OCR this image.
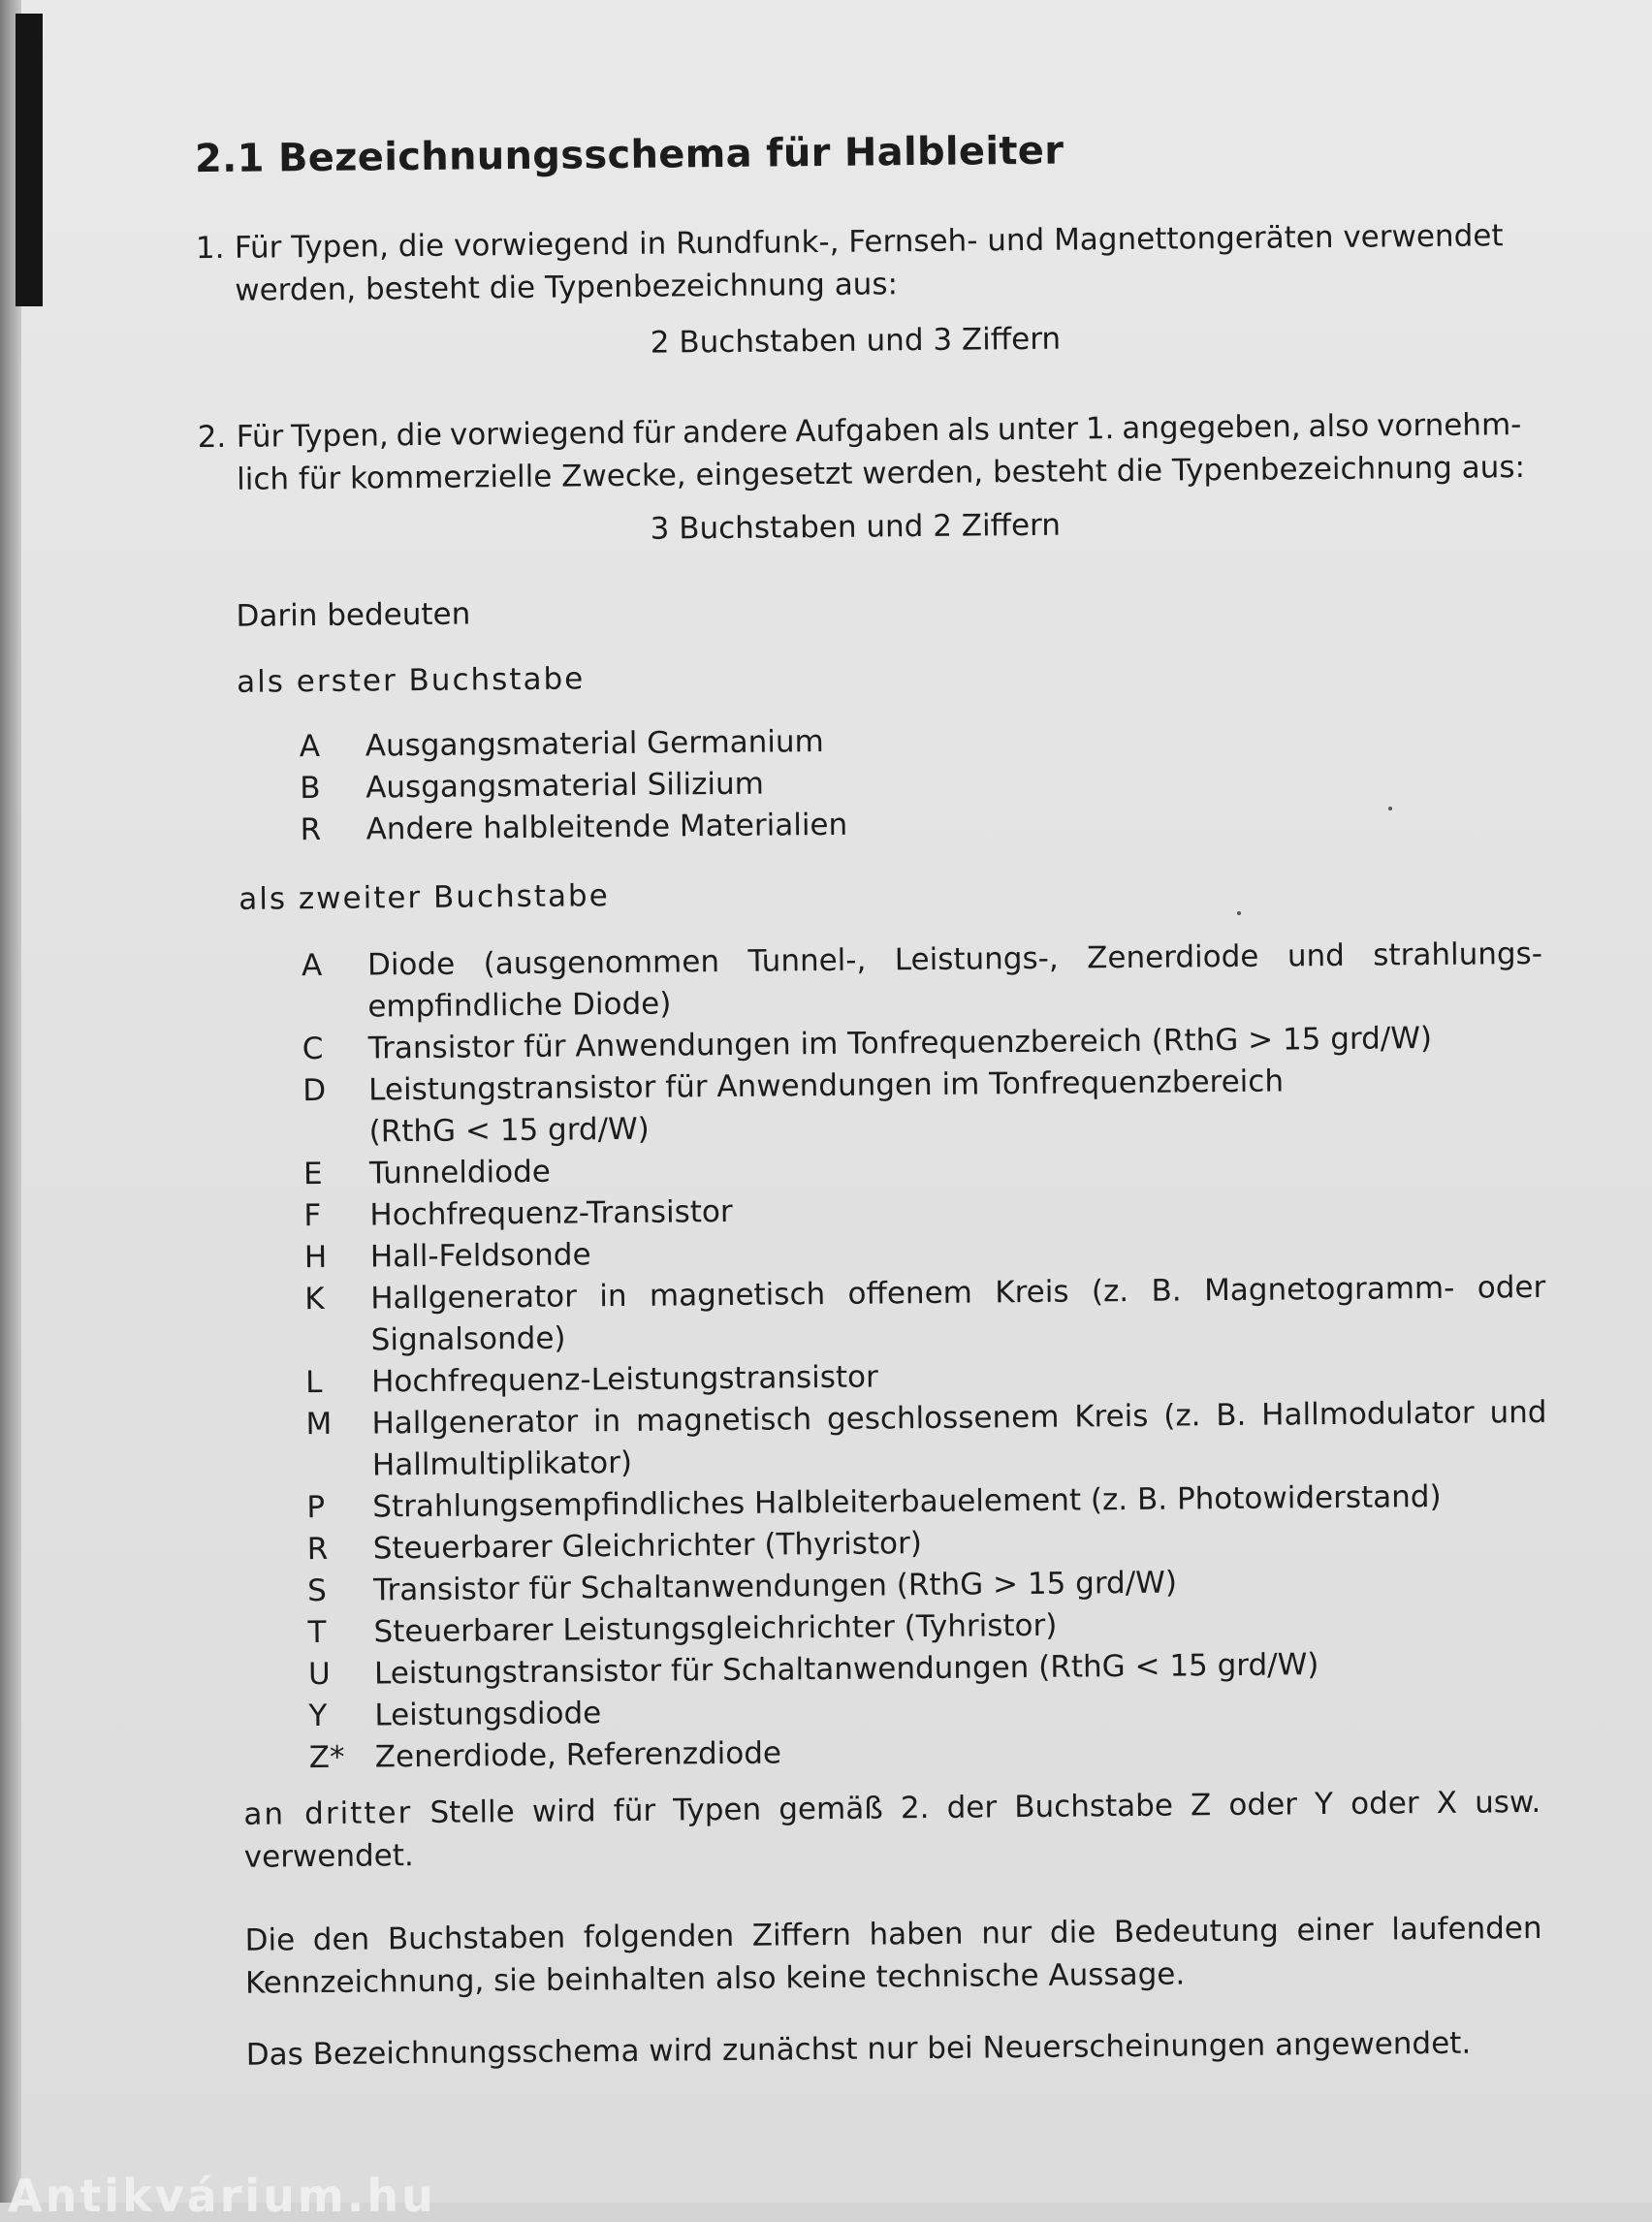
2.1 Bezeichnungsschema für Halbleiter
1. Für Typen, die vorwiegend in Rundfunk-, Fernseh- und Magnettongeräten verwendet
werden, besteht die Typenbezeichnung aus:
2 Buchstaben und 3 Ziffern
2. Für Typen, die vorwiegend für andere Aufgaben als unter 1. angegeben, also vornehm-
lich für kommerzielle Zwecke, eingesetzt werden, besteht die Typenbezeichnung aus:
3 Buchstaben und 2 Ziffern
Darin bedeuten
als erster Buchstabe
A Ausgangsmaterial Germanium
B Ausgangsmaterial Silizium
R Andere halbleitende Materialien
als zweiter Buchstabe
A Diode (ausgenommen Tunnel-, Leistungs-, Zenerdiode und strahlungs-
empfindliche Diode)
C Transistor für Anwendungen im Tonfrequenzbereich (RthG > 15 grd/W)
D Leistungstransistor für Anwendungen im Tonfrequenzbereich
(RthG < 15 grd/W)
E Tunneldiode
F Hochfrequenz-Transistor
H Hall-Feldsonde
K Hallgenerator in magnetisch offenem Kreis (z. B. Magnetogramm- oder
Signalsonde)
L Hochfrequenz-Leistungstransistor
M Hallgenerator in magnetisch geschlossenem Kreis (z. B. Hallmodulator und
Hallmultiplikator)
P Strahlungsempfindliches Halbleiterbauelement (z. B. Photowiderstand)
R Steuerbarer Gleichrichter (Thyristor)
S Transistor für Schaltanwendungen (RthG > 15 grd/W)
T Steuerbarer Leistungsgleichrichter (Tyhristor)
U Leistungstransistor für Schaltanwendungen (RthG < 15 grd/W)
Y Leistungsdiode
Z* Zenerdiode, Referenzdiode
an dritter Stelle wird für Typen gemäß 2. der Buchstabe Z oder Y oder X usw.
verwendet.
Die den Buchstaben folgenden Ziffern haben nur die Bedeutung einer laufenden
Kennzeichnung, sie beinhalten also keine technische Aussage.
Das Bezeichnungsschema wird zunächst nur bei Neuerscheinungen angewendet.
Antikvárium.hu
